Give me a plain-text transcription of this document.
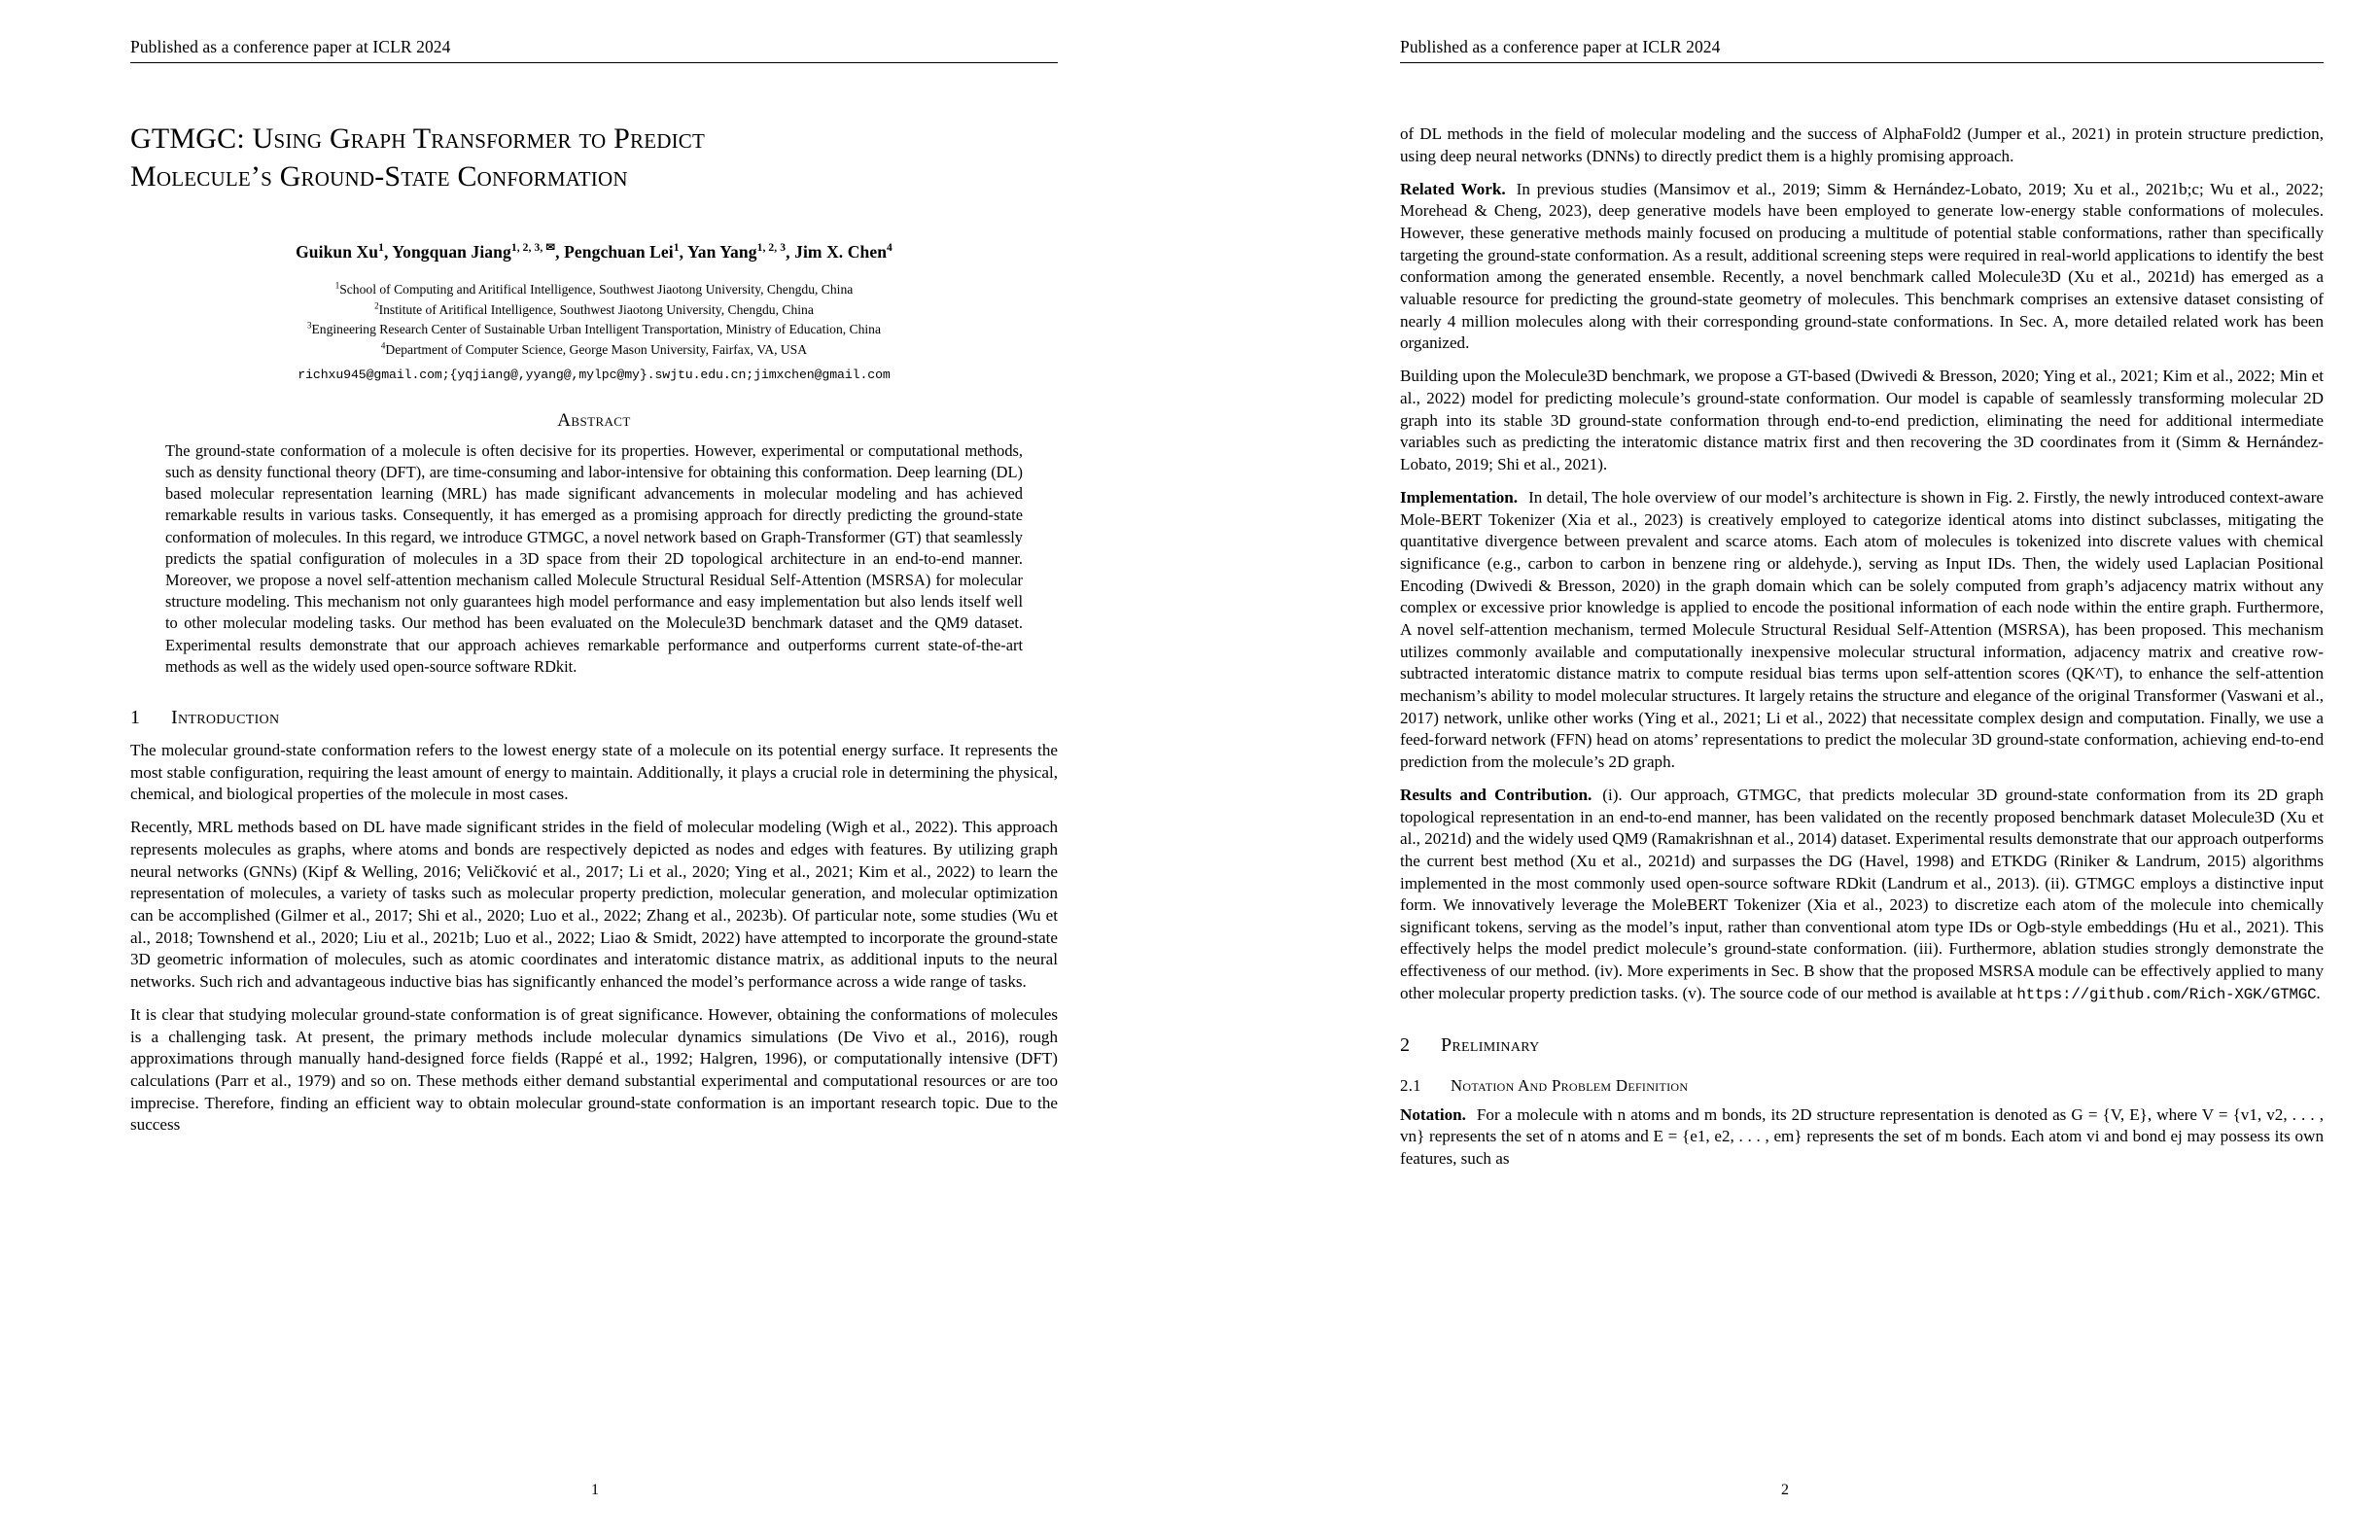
Published as a conference paper at ICLR 2024
GTMGC: Using Graph Transformer to Predict
Molecule’s Ground-State Conformation
Guikun Xu$^1$, Yongquan Jiang$^{1, 2, 3, ✉}$, Pengchuan Lei$^1$, Yan Yang$^{1, 2, 3}$, Jim X. Chen$^4$
$^1$School of Computing and Aritifical Intelligence, Southwest Jiaotong University, Chengdu, China
$^2$Institute of Aritifical Intelligence, Southwest Jiaotong University, Chengdu, China
$^3$Engineering Research Center of Sustainable Urban Intelligent Transportation, Ministry of Education, China
$^4$Department of Computer Science, George Mason University, Fairfax, VA, USA
richxu945@gmail.com;{yqjiang@,yyang@,mylpc@my}.swjtu.edu.cn;jimxchen@gmail.com
Abstract
The ground-state conformation of a molecule is often decisive for its properties. However, experimental or computational methods, such as density functional theory (DFT), are time-consuming and labor-intensive for obtaining this conformation. Deep learning (DL) based molecular representation learning (MRL) has made significant advancements in molecular modeling and has achieved remarkable results in various tasks. Consequently, it has emerged as a promising approach for directly predicting the ground-state conformation of molecules. In this regard, we introduce GTMGC, a novel network based on Graph-Transformer (GT) that seamlessly predicts the spatial configuration of molecules in a 3D space from their 2D topological architecture in an end-to-end manner. Moreover, we propose a novel self-attention mechanism called Molecule Structural Residual Self-Attention (MSRSA) for molecular structure modeling. This mechanism not only guarantees high model performance and easy implementation but also lends itself well to other molecular modeling tasks. Our method has been evaluated on the Molecule3D benchmark dataset and the QM9 dataset. Experimental results demonstrate that our approach achieves remarkable performance and outperforms current state-of-the-art methods as well as the widely used open-source software RDkit.
1 Introduction

The molecular ground-state conformation refers to the lowest energy state of a molecule on its potential energy surface. It represents the most stable configuration, requiring the least amount of energy to maintain. Additionally, it plays a crucial role in determining the physical, chemical, and biological properties of the molecule in most cases.

Recently, MRL methods based on DL have made significant strides in the field of molecular modeling (Wigh et al., 2022). This approach represents molecules as graphs, where atoms and bonds are respectively depicted as nodes and edges with features. By utilizing graph neural networks (GNNs) (Kipf & Welling, 2016; Veličković et al., 2017; Li et al., 2020; Ying et al., 2021; Kim et al., 2022) to learn the representation of molecules, a variety of tasks such as molecular property prediction, molecular generation, and molecular optimization can be accomplished (Gilmer et al., 2017; Shi et al., 2020; Luo et al., 2022; Zhang et al., 2023b). Of particular note, some studies (Wu et al., 2018; Townshend et al., 2020; Liu et al., 2021b; Luo et al., 2022; Liao & Smidt, 2022) have attempted to incorporate the ground-state 3D geometric information of molecules, such as atomic coordinates and interatomic distance matrix, as additional inputs to the neural networks. Such rich and advantageous inductive bias has significantly enhanced the model’s performance across a wide range of tasks.

It is clear that studying molecular ground-state conformation is of great significance. However, obtaining the conformations of molecules is a challenging task. At present, the primary methods include molecular dynamics simulations (De Vivo et al., 2016), rough approximations through manually hand-designed force fields (Rappé et al., 1992; Halgren, 1996), or computationally intensive (DFT) calculations (Parr et al., 1979) and so on. These methods either demand substantial experimental and computational resources or are too imprecise. Therefore, finding an efficient way to obtain molecular ground-state conformation is an important research topic. Due to the success

1
Published as a conference paper at ICLR 2024

of DL methods in the field of molecular modeling and the success of AlphaFold2 (Jumper et al., 2021) in protein structure prediction, using deep neural networks (DNNs) to directly predict them is a highly promising approach.

Related Work. In previous studies (Mansimov et al., 2019; Simm & Hernández-Lobato, 2019; Xu et al., 2021b;c; Wu et al., 2022; Morehead & Cheng, 2023), deep generative models have been employed to generate low-energy stable conformations of molecules. However, these generative methods mainly focused on producing a multitude of potential stable conformations, rather than specifically targeting the ground-state conformation. As a result, additional screening steps were required in real-world applications to identify the best conformation among the generated ensemble. Recently, a novel benchmark called Molecule3D (Xu et al., 2021d) has emerged as a valuable resource for predicting the ground-state geometry of molecules. This benchmark comprises an extensive dataset consisting of nearly 4 million molecules along with their corresponding ground-state conformations. In Sec. A, more detailed related work has been organized.

Building upon the Molecule3D benchmark, we propose a GT-based (Dwivedi & Bresson, 2020; Ying et al., 2021; Kim et al., 2022; Min et al., 2022) model for predicting molecule’s ground-state conformation. Our model is capable of seamlessly transforming molecular 2D graph into its stable 3D ground-state conformation through end-to-end prediction, eliminating the need for additional intermediate variables such as predicting the interatomic distance matrix first and then recovering the 3D coordinates from it (Simm & Hernández-Lobato, 2019; Shi et al., 2021).

Implementation. In detail, The hole overview of our model’s architecture is shown in Fig. 2. Firstly, the newly introduced context-aware Mole-BERT Tokenizer (Xia et al., 2023) is creatively employed to categorize identical atoms into distinct subclasses, mitigating the quantitative divergence between prevalent and scarce atoms. Each atom of molecules is tokenized into discrete values with chemical significance (e.g., carbon to carbon in benzene ring or aldehyde.), serving as Input IDs. Then, the widely used Laplacian Positional Encoding (Dwivedi & Bresson, 2020) in the graph domain which can be solely computed from graph’s adjacency matrix without any complex or excessive prior knowledge is applied to encode the positional information of each node within the entire graph. Furthermore, A novel self-attention mechanism, termed Molecule Structural Residual Self-Attention (MSRSA), has been proposed. This mechanism utilizes commonly available and computationally inexpensive molecular structural information, adjacency matrix and creative row-subtracted interatomic distance matrix to compute residual bias terms upon self-attention scores (QK^T), to enhance the self-attention mechanism’s ability to model molecular structures. It largely retains the structure and elegance of the original Transformer (Vaswani et al., 2017) network, unlike other works (Ying et al., 2021; Li et al., 2022) that necessitate complex design and computation. Finally, we use a feed-forward network (FFN) head on atoms’ representations to predict the molecular 3D ground-state conformation, achieving end-to-end prediction from the molecule’s 2D graph.

Results and Contribution. (i). Our approach, GTMGC, that predicts molecular 3D ground-state conformation from its 2D graph topological representation in an end-to-end manner, has been validated on the recently proposed benchmark dataset Molecule3D (Xu et al., 2021d) and the widely used QM9 (Ramakrishnan et al., 2014) dataset. Experimental results demonstrate that our approach outperforms the current best method (Xu et al., 2021d) and surpasses the DG (Havel, 1998) and ETKDG (Riniker & Landrum, 2015) algorithms implemented in the most commonly used open-source software RDkit (Landrum et al., 2013). (ii). GTMGC employs a distinctive input form. We innovatively leverage the MoleBERT Tokenizer (Xia et al., 2023) to discretize each atom of the molecule into chemically significant tokens, serving as the model’s input, rather than conventional atom type IDs or Ogb-style embeddings (Hu et al., 2021). This effectively helps the model predict molecule’s ground-state conformation. (iii). Furthermore, ablation studies strongly demonstrate the effectiveness of our method. (iv). More experiments in Sec. B show that the proposed MSRSA module can be effectively applied to many other molecular property prediction tasks. (v). The source code of our method is available at https://github.com/Rich-XGK/GTMGC.

2 Preliminary
2.1 Notation And Problem Definition

Notation. For a molecule with n atoms and m bonds, its 2D structure representation is denoted as G = {V, E}, where V = {v1, v2, . . . , vn} represents the set of n atoms and E = {e1, e2, . . . , em} represents the set of m bonds. Each atom vi and bond ej may possess its own features, such as

2
